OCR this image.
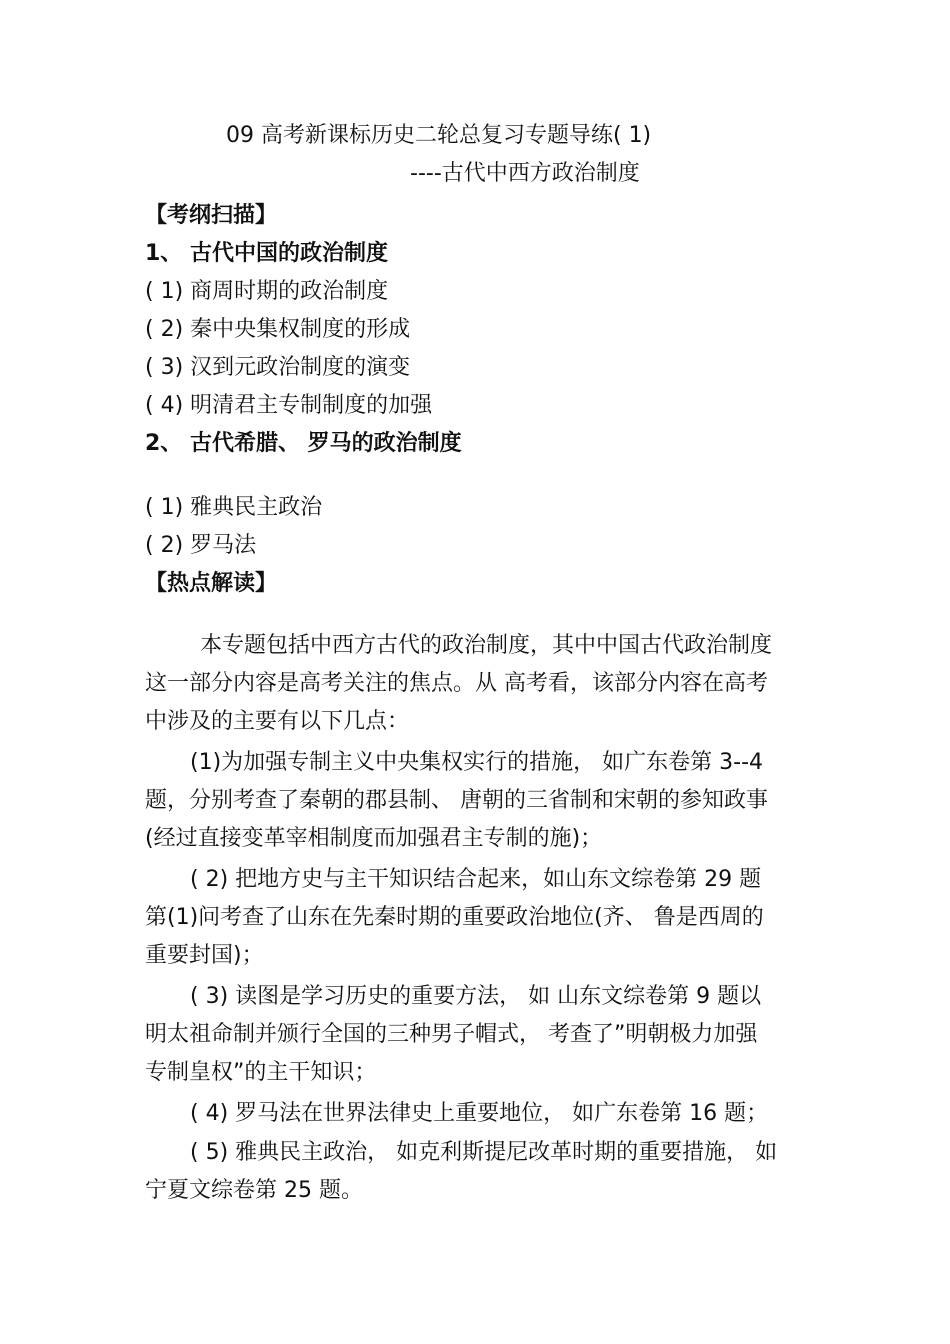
09 高考新课标历史二轮总复习专题导练( 1)
----古代中西方政治制度
【考纲扫描】
1、 古代中国的政治制度
( 1) 商周时期的政治制度
( 2) 秦中央集权制度的形成
( 3) 汉到元政治制度的演变
( 4) 明清君主专制制度的加强
2、 古代希腊、 罗马的政治制度
( 1) 雅典民主政治
( 2) 罗马法
【热点解读】
本专题包括中西方古代的政治制度，其中中国古代政治制度
这一部分内容是高考关注的焦点。从 高考看，该部分内容在高考
中涉及的主要有以下几点：
(1)为加强专制主义中央集权实行的措施， 如广东卷第 3--4
题，分别考查了秦朝的郡县制、 唐朝的三省制和宋朝的参知政事
(经过直接变革宰相制度而加强君主专制的施)；
( 2) 把地方史与主干知识结合起来，如山东文综卷第 29 题
第(1)问考查了山东在先秦时期的重要政治地位(齐、 鲁是西周的
重要封国)；
( 3) 读图是学习历史的重要方法， 如 山东文综卷第 9 题以
明太祖命制并颁行全国的三种男子帽式， 考查了”明朝极力加强
专制皇权”的主干知识；
( 4) 罗马法在世界法律史上重要地位， 如广东卷第 16 题；
( 5) 雅典民主政治， 如克利斯提尼改革时期的重要措施， 如
宁夏文综卷第 25 题。
